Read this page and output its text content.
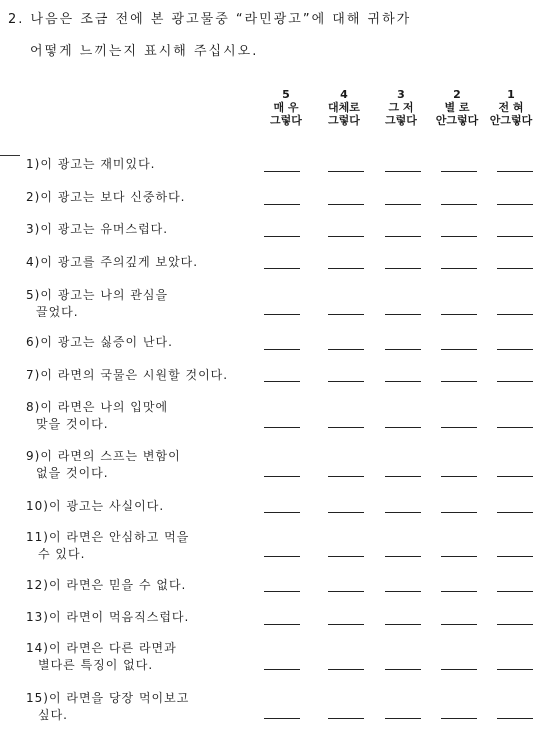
2. 나음은 조금 전에 본 광고물중 “라민광고”에 대해 귀하가
어떻게 느끼는지 표시해 주십시오.
5
매 우
그렇다
4
대체로
그렇다
3
그 저
그렇다
2
별 로
안그렇다
1
전 혀
안그렇다
1)이 광고는 재미있다.
2)이 광고는 보다 신중하다.
3)이 광고는 유머스럽다.
4)이 광고를 주의깊게 보았다.
5)이 광고는 나의 관심을
끌었다.
6)이 광고는 싫증이 난다.
7)이 라면의 국물은 시원할 것이다.
8)이 라면은 나의 입맛에
맞을 것이다.
9)이 라면의 스프는 변함이
없을 것이다.
10)이 광고는 사실이다.
11)이 라면은 안심하고 먹을
수 있다.
12)이 라면은 믿을 수 없다.
13)이 라면이 먹음직스럽다.
14)이 라면은 다른 라면과
별다른 특징이 없다.
15)이 라면을 당장 먹이보고
싶다.
